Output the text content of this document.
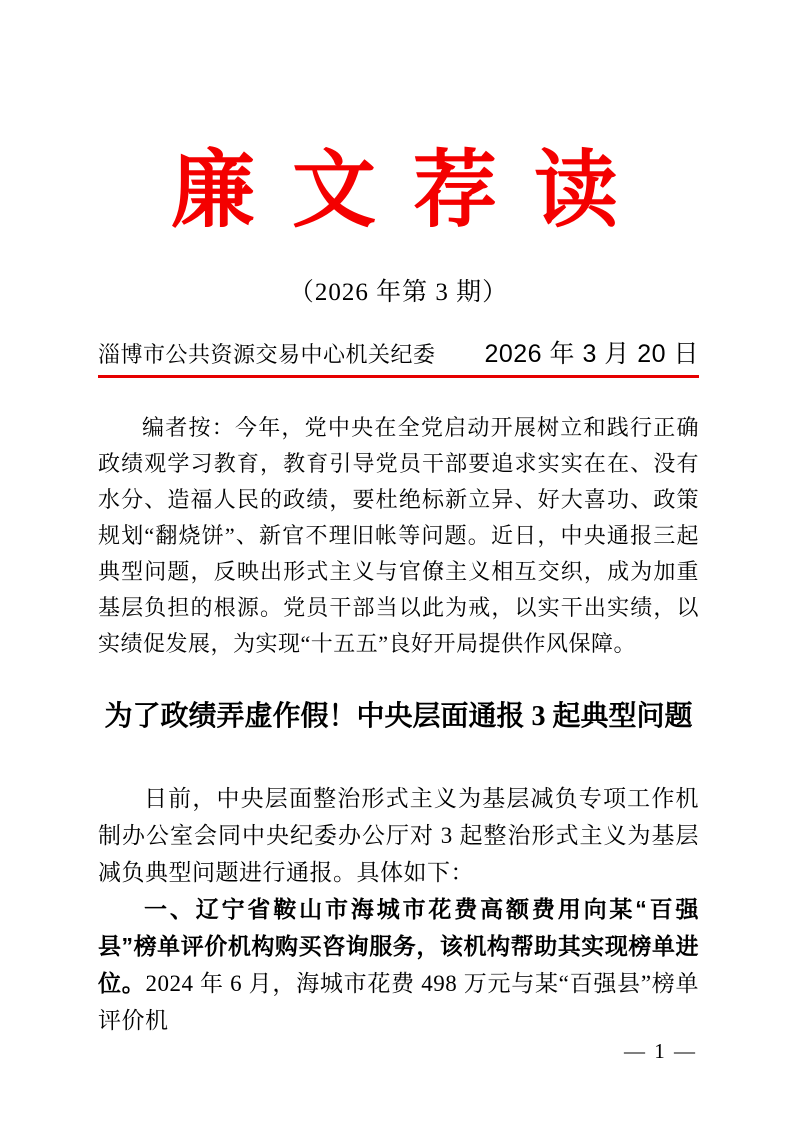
廉 文 荐 读
（2026 年第 3 期）
淄博市公共资源交易中心机关纪委 2026 年 3 月 20 日

编者按：今年，党中央在全党启动开展树立和践行正确政绩观学习教育，教育引导党员干部要追求实实在在、没有水分、造福人民的政绩，要杜绝标新立异、好大喜功、政策规划“翻烧饼”、新官不理旧帐等问题。近日，中央通报三起典型问题，反映出形式主义与官僚主义相互交织，成为加重基层负担的根源。党员干部当以此为戒，以实干出实绩，以实绩促发展，为实现“十五五”良好开局提供作风保障。

为了政绩弄虚作假！中央层面通报 3 起典型问题

日前，中央层面整治形式主义为基层减负专项工作机制办公室会同中央纪委办公厅对 3 起整治形式主义为基层减负典型问题进行通报。具体如下：

一、辽宁省鞍山市海城市花费高额费用向某“百强县”榜单评价机构购买咨询服务，该机构帮助其实现榜单进位。2024 年 6 月，海城市花费 498 万元与某“百强县”榜单评价机

— 1 —
